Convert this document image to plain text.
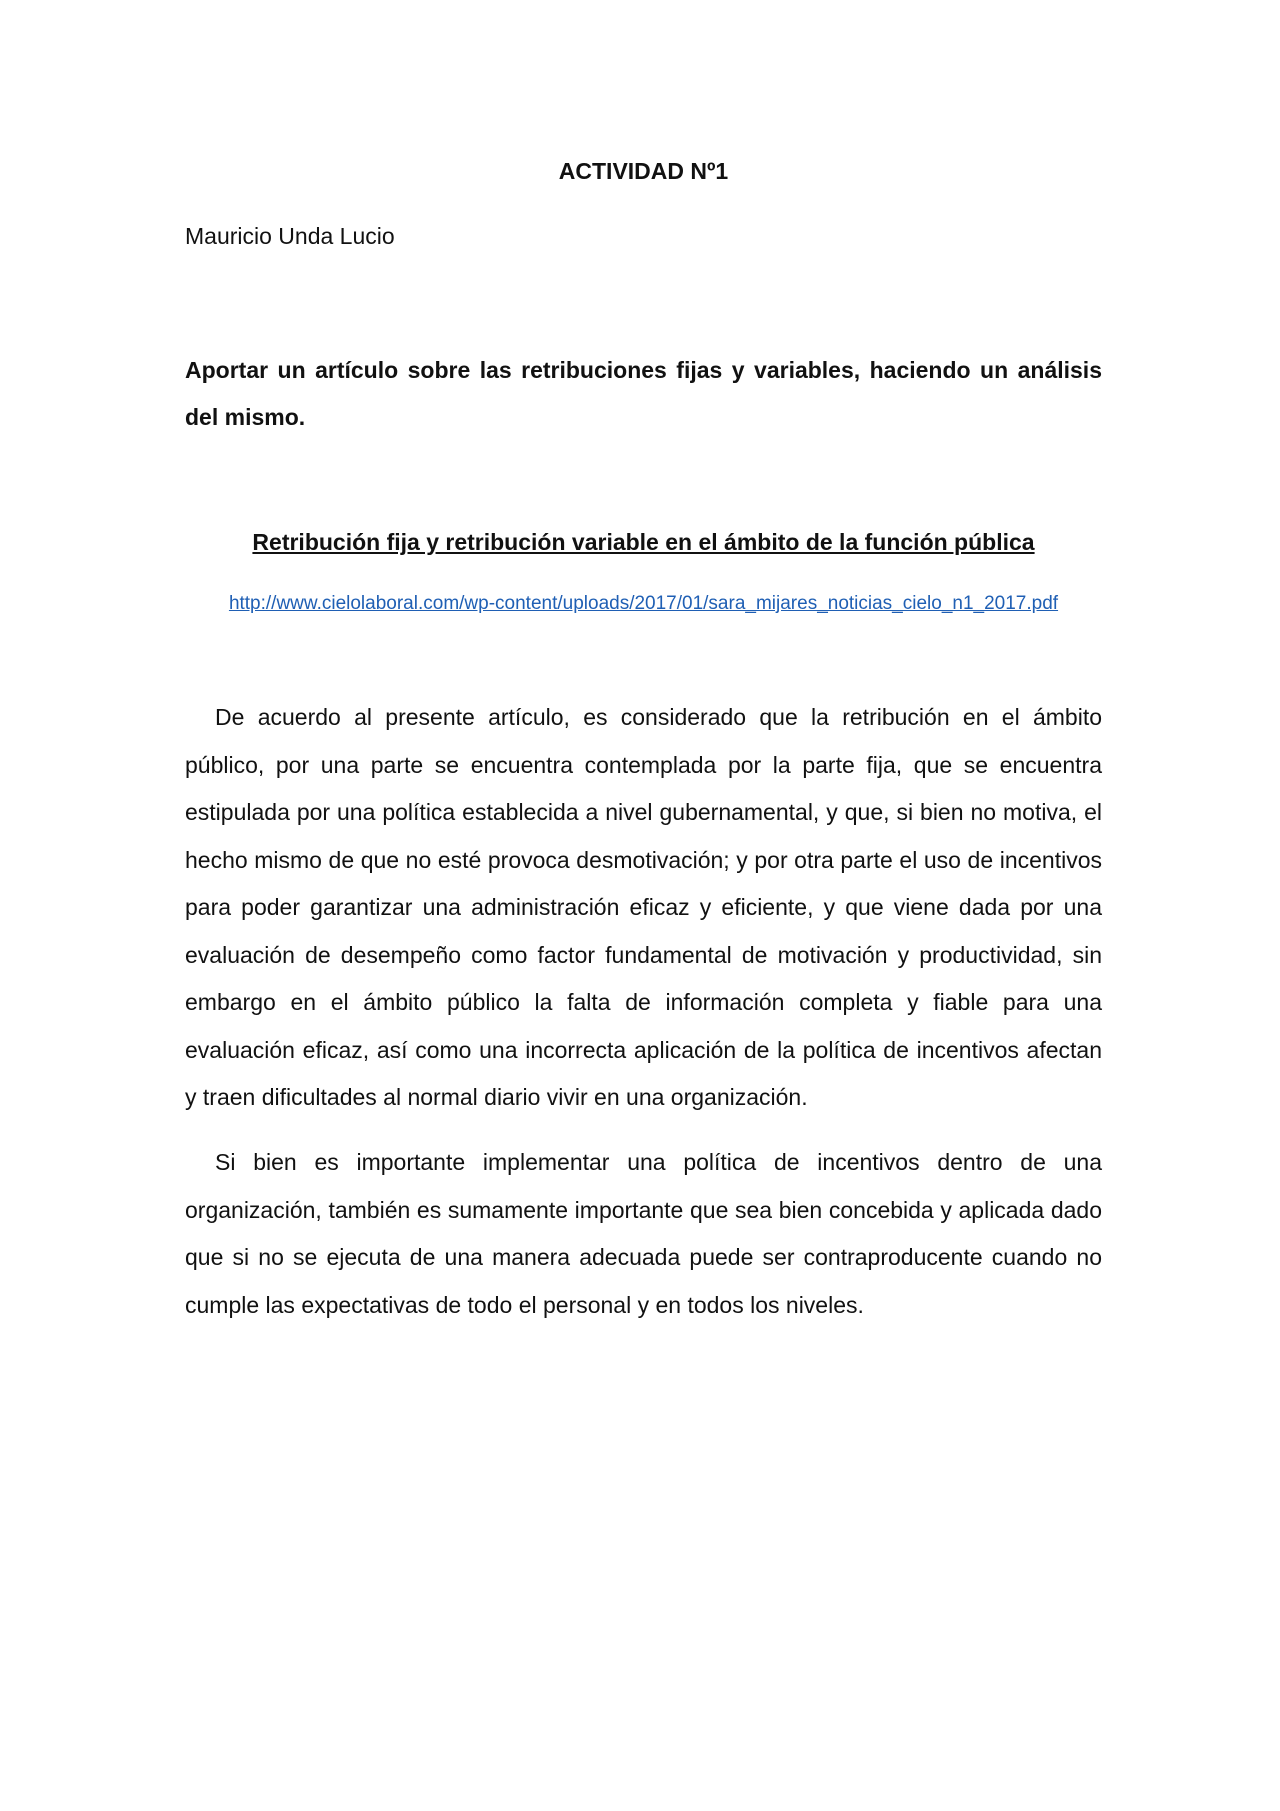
ACTIVIDAD Nº1
Mauricio Unda Lucio
Aportar un artículo sobre las retribuciones fijas y variables, haciendo un análisis del mismo.
Retribución fija y retribución variable en el ámbito de la función pública
http://www.cielolaboral.com/wp-content/uploads/2017/01/sara_mijares_noticias_cielo_n1_2017.pdf
De acuerdo al presente artículo, es considerado que la retribución en el ámbito público, por una parte se encuentra contemplada por la parte fija, que se encuentra estipulada por una política establecida a nivel gubernamental, y que, si bien no motiva, el hecho mismo de que no esté provoca desmotivación; y por otra parte el uso de incentivos para poder garantizar una administración eficaz y eficiente, y que viene dada por una evaluación de desempeño como factor fundamental de motivación y productividad, sin embargo en el ámbito público la falta de información completa y fiable para una evaluación eficaz, así como una incorrecta aplicación de la política de incentivos afectan y traen dificultades al normal diario vivir en una organización.
Si bien es importante implementar una política de incentivos dentro de una organización, también es sumamente importante que sea bien concebida y aplicada dado que si no se ejecuta de una manera adecuada puede ser contraproducente cuando no cumple las expectativas de todo el personal y en todos los niveles.
